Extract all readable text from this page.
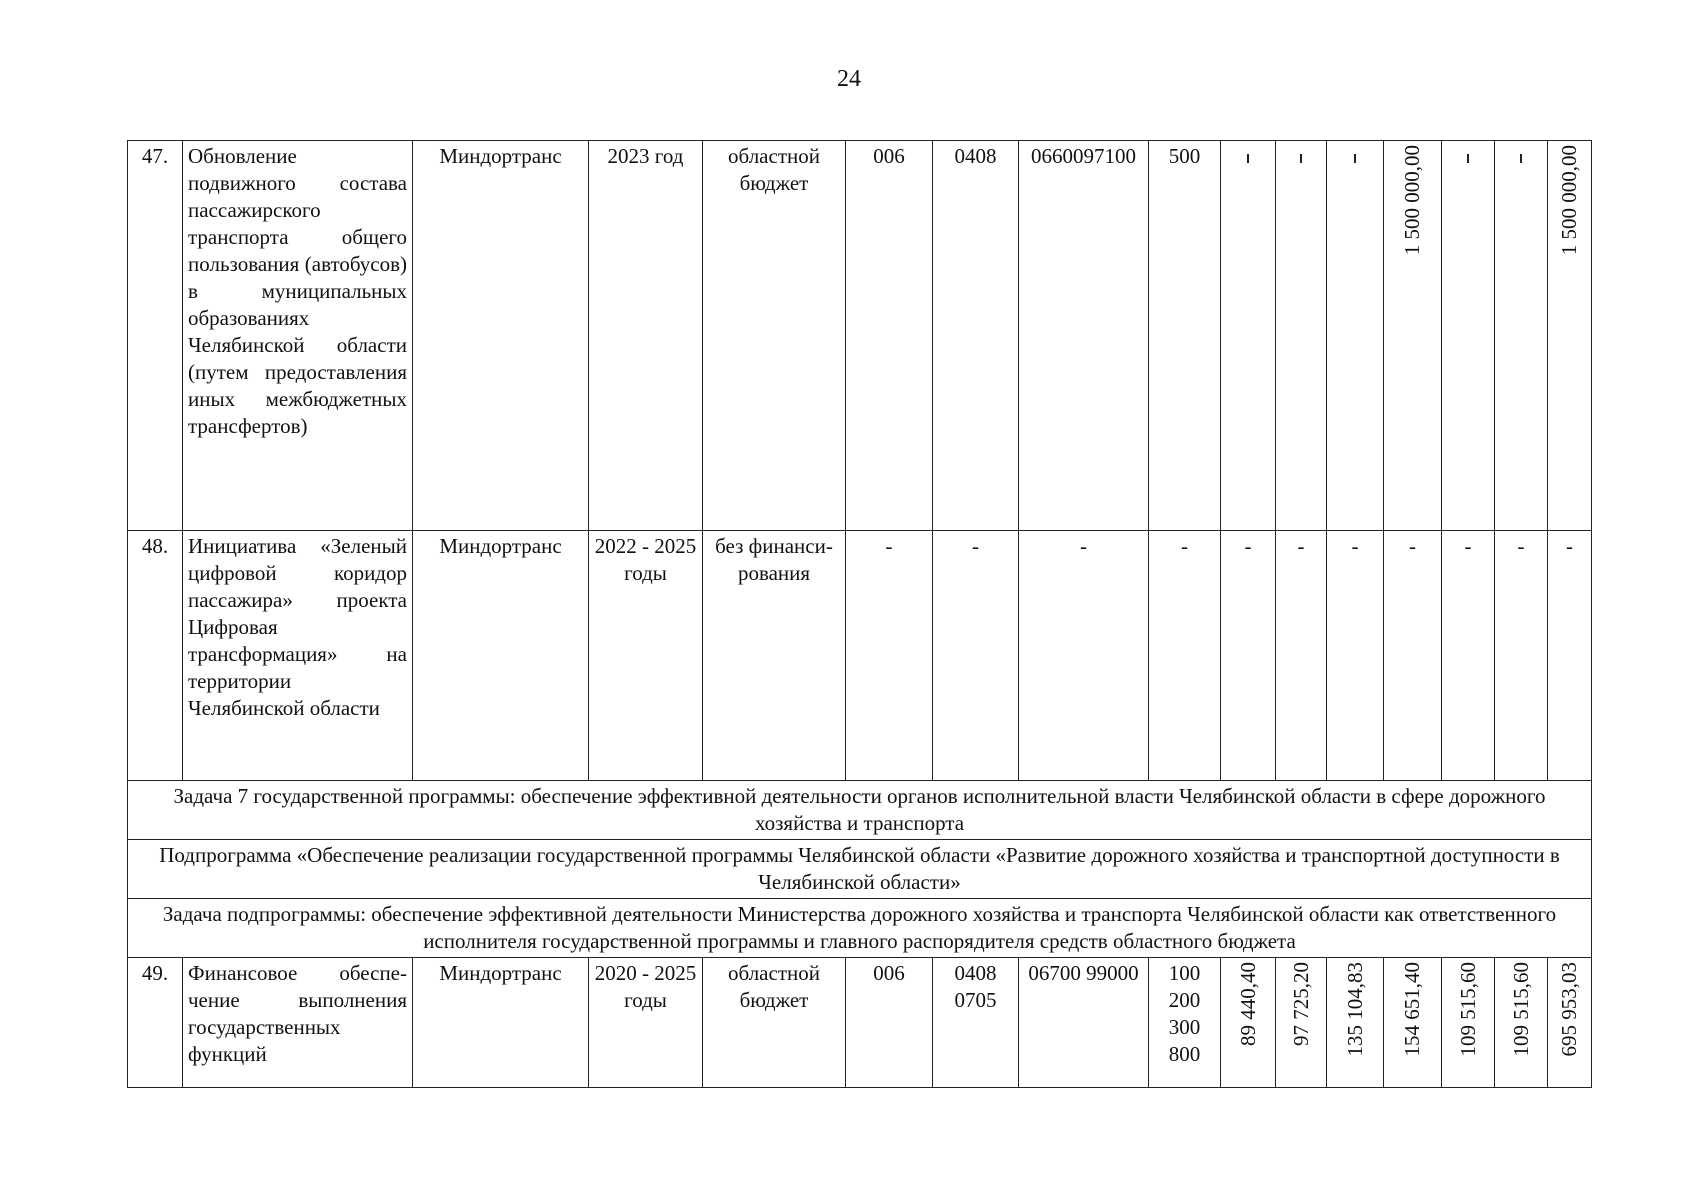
24
47.	Обновление подвижного состава пассажирского транспорта общего пользования (автобусов) в муниципальных образованиях Челябинской области (путем предоставления иных межбюджетных трансфертов)	Миндортранс	2023 год	областной бюджет	006	0408	0660097100	500				1 500 000,00			1 500 000,00
48.	Инициатива «Зеленый цифровой коридор пассажира» проекта Цифровая трансформация» на территории Челябинской области	Миндортранс	2022 - 2025 годы	без финанси-рования	-	-	-	-	-	-	-	-	-	-	-
Задача 7 государственной программы: обеспечение эффективной деятельности органов исполнительной власти Челябинской области в сфере дорожного хозяйства и транспорта															
Подпрограмма «Обеспечение реализации государственной программы Челябинской области «Развитие дорожного хозяйства и транспортной доступности в Челябинской области»															
Задача подпрограммы: обеспечение эффективной деятельности Министерства дорожного хозяйства и транспорта Челябинской области как ответственного исполнителя государственной программы и главного распорядителя средств областного бюджета															
49.	Финансовое обеспе-чение выполнения государственных функций	Миндортранс	2020 - 2025 годы	областной бюджет	006	0408 0705	06700 99000	100 200 300 800	89 440,40	97 725,20	135 104,83	154 651,40	109 515,60	109 515,60	695 953,03
